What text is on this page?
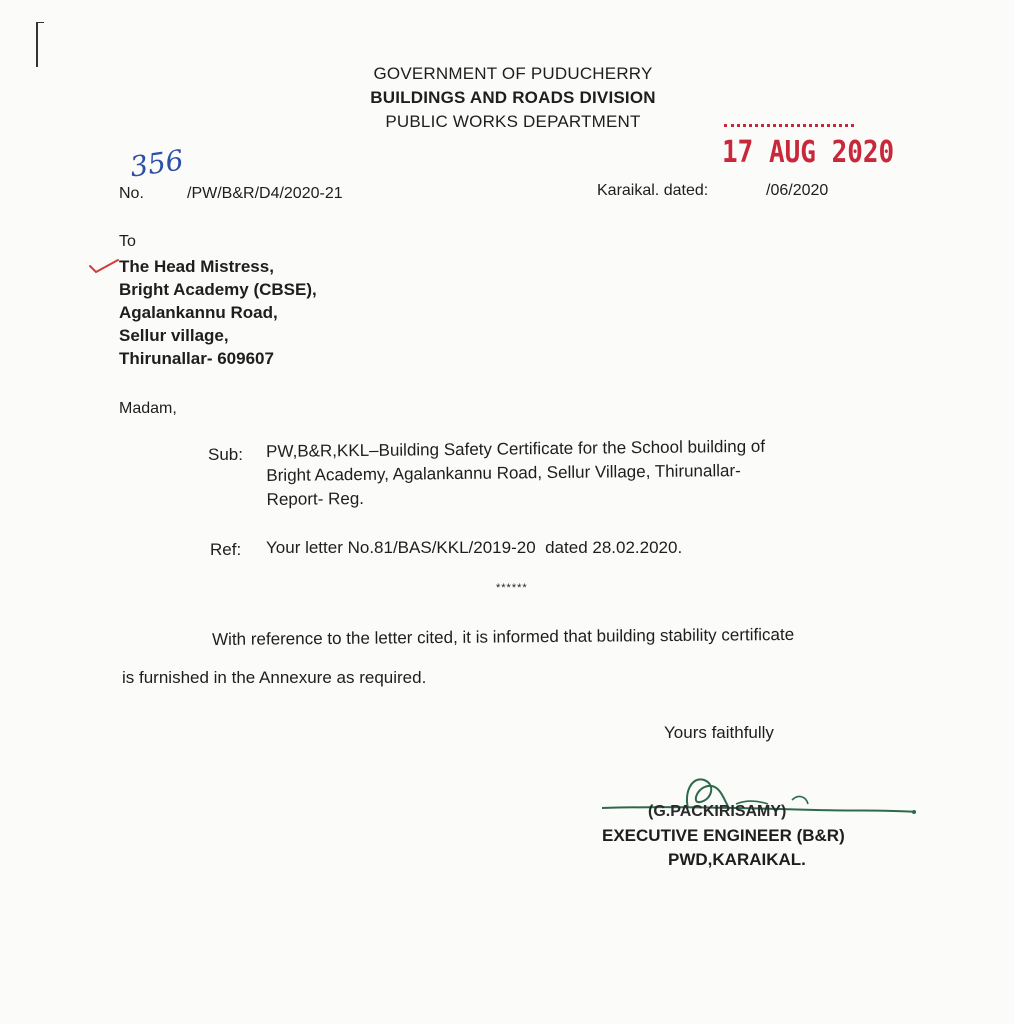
GOVERNMENT OF PUDUCHERRY
BUILDINGS AND ROADS DIVISION
PUBLIC WORKS DEPARTMENT
356
No.	/PW/B&R/D4/2020-21
17 AUG 2020
Karaikal. dated:	/06/2020
To
The Head Mistress,
Bright Academy (CBSE),
Agalankannu Road,
Sellur village,
Thirunallar- 609607
Madam,
Sub: PW,B&R,KKL–Building Safety Certificate for the School building of
Bright Academy, Agalankannu Road, Sellur Village, Thirunallar-
Report- Reg.
Ref: Your letter No.81/BAS/KKL/2019-20  dated 28.02.2020.
******
With reference to the letter cited, it is informed that building stability certificate
is furnished in the Annexure as required.
Yours faithfully
(G.PACKIRISAMY)
EXECUTIVE ENGINEER (B&R)
PWD,KARAIKAL.
